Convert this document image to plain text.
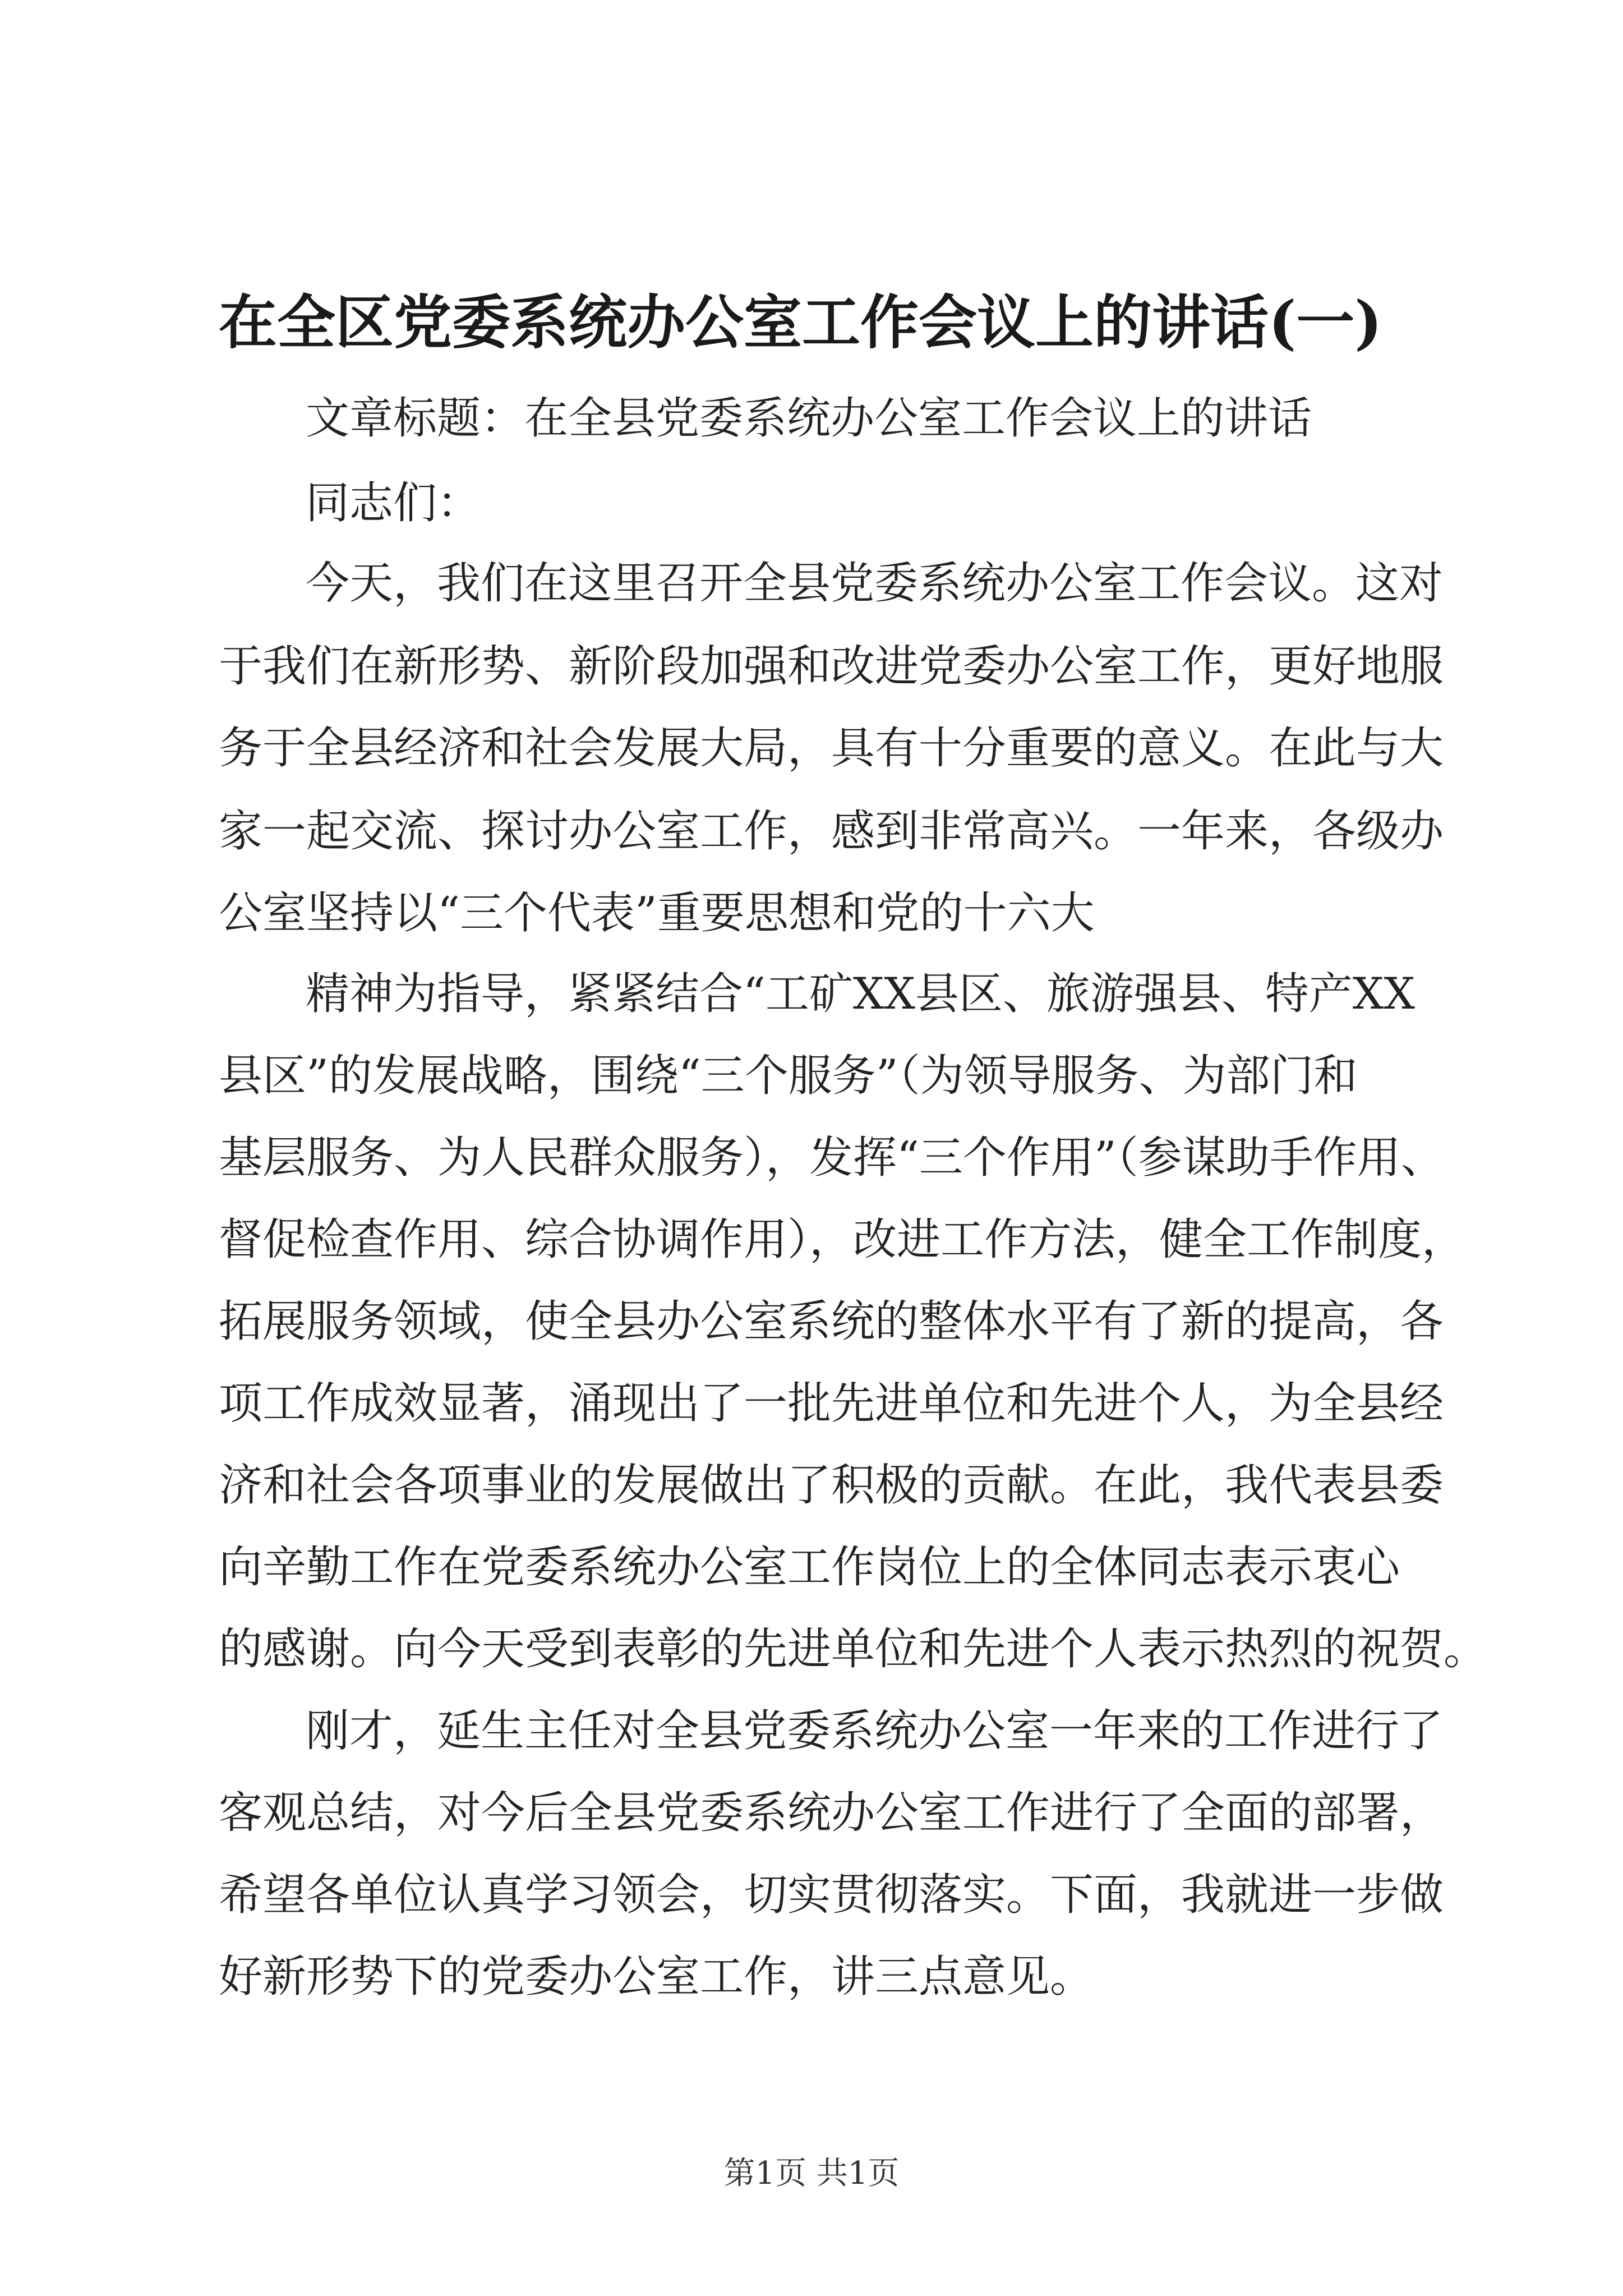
在全区党委系统办公室工作会议上的讲话(一)
文章标题：在全县党委系统办公室工作会议上的讲话
同志们：
今天，我们在这里召开全县党委系统办公室工作会议。这对
于我们在新形势、新阶段加强和改进党委办公室工作，更好地服
务于全县经济和社会发展大局，具有十分重要的意义。在此与大
家一起交流、探讨办公室工作，感到非常高兴。一年来，各级办
公室坚持以“三个代表”重要思想和党的十六大
精神为指导，紧紧结合“工矿XX县区、旅游强县、特产XX
县区”的发展战略，围绕“三个服务”（为领导服务、为部门和
基层服务、为人民群众服务），发挥“三个作用”（参谋助手作用、
督促检查作用、综合协调作用），改进工作方法，健全工作制度，
拓展服务领域，使全县办公室系统的整体水平有了新的提高，各
项工作成效显著，涌现出了一批先进单位和先进个人，为全县经
济和社会各项事业的发展做出了积极的贡献。在此，我代表县委
向辛勤工作在党委系统办公室工作岗位上的全体同志表示衷心
的感谢。向今天受到表彰的先进单位和先进个人表示热烈的祝贺。
刚才，延生主任对全县党委系统办公室一年来的工作进行了
客观总结，对今后全县党委系统办公室工作进行了全面的部署，
希望各单位认真学习领会，切实贯彻落实。下面，我就进一步做
好新形势下的党委办公室工作，讲三点意见。
第1页 共1页
